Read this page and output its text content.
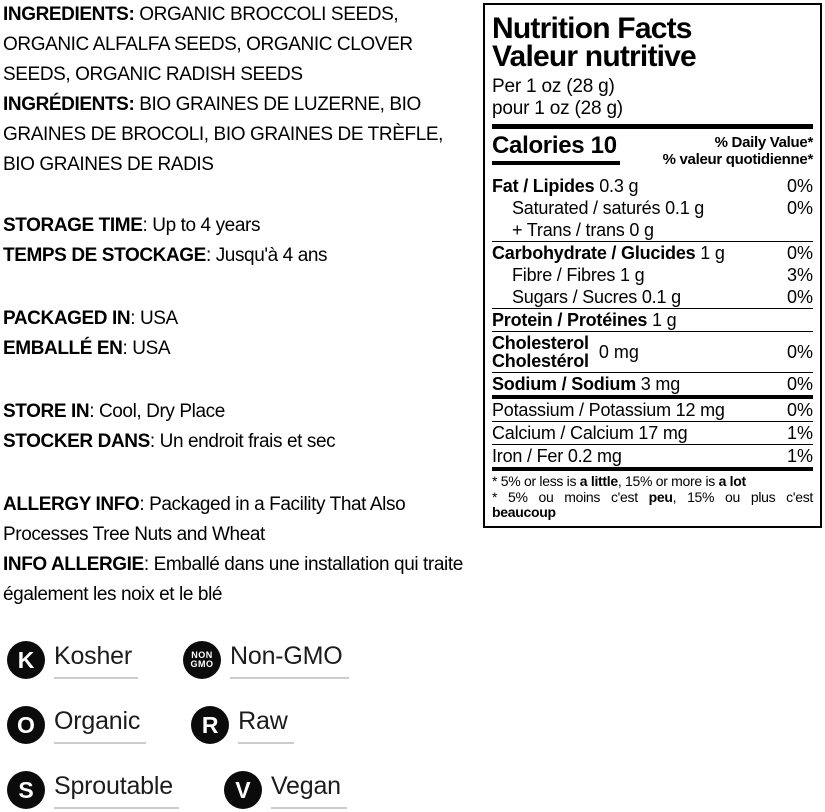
INGREDIENTS: ORGANIC BROCCOLI SEEDS, ORGANIC ALFALFA SEEDS, ORGANIC CLOVER SEEDS, ORGANIC RADISH SEEDS
INGRÉDIENTS: BIO GRAINES DE LUZERNE, BIO GRAINES DE BROCOLI, BIO GRAINES DE TRÈFLE, BIO GRAINES DE RADIS
STORAGE TIME: Up to 4 years
TEMPS DE STOCKAGE: Jusqu'à 4 ans
PACKAGED IN: USA
EMBALLÉ EN: USA
STORE IN: Cool, Dry Place
STOCKER DANS: Un endroit frais et sec
ALLERGY INFO: Packaged in a Facility That Also Processes Tree Nuts and Wheat
INFO ALLERGIE: Emballé dans une installation qui traite également les noix et le blé
K Kosher	NON
GMO Non-GMO
O Organic	R Raw
S Sproutable	V Vegan
Nutrition Facts
Valeur nutritive
Per 1 oz (28 g)
pour 1 oz (28 g)
Calories 10	% Daily Value*
% valeur quotidienne*
Fat / Lipides 0.3 g	0%
Saturated / saturés 0.1 g	0%
+ Trans / trans 0 g
Carbohydrate / Glucides 1 g	0%
Fibre / Fibres 1 g	3%
Sugars / Sucres 0.1 g	0%
Protein / Protéines 1 g
Cholesterol
Cholestérol 0 mg	0%
Sodium / Sodium 3 mg	0%
Potassium / Potassium 12 mg	0%
Calcium / Calcium 17 mg	1%
Iron / Fer 0.2 mg	1%
* 5% or less is a little, 15% or more is a lot
* 5% ou moins c'est peu, 15% ou plus c'est beaucoup
